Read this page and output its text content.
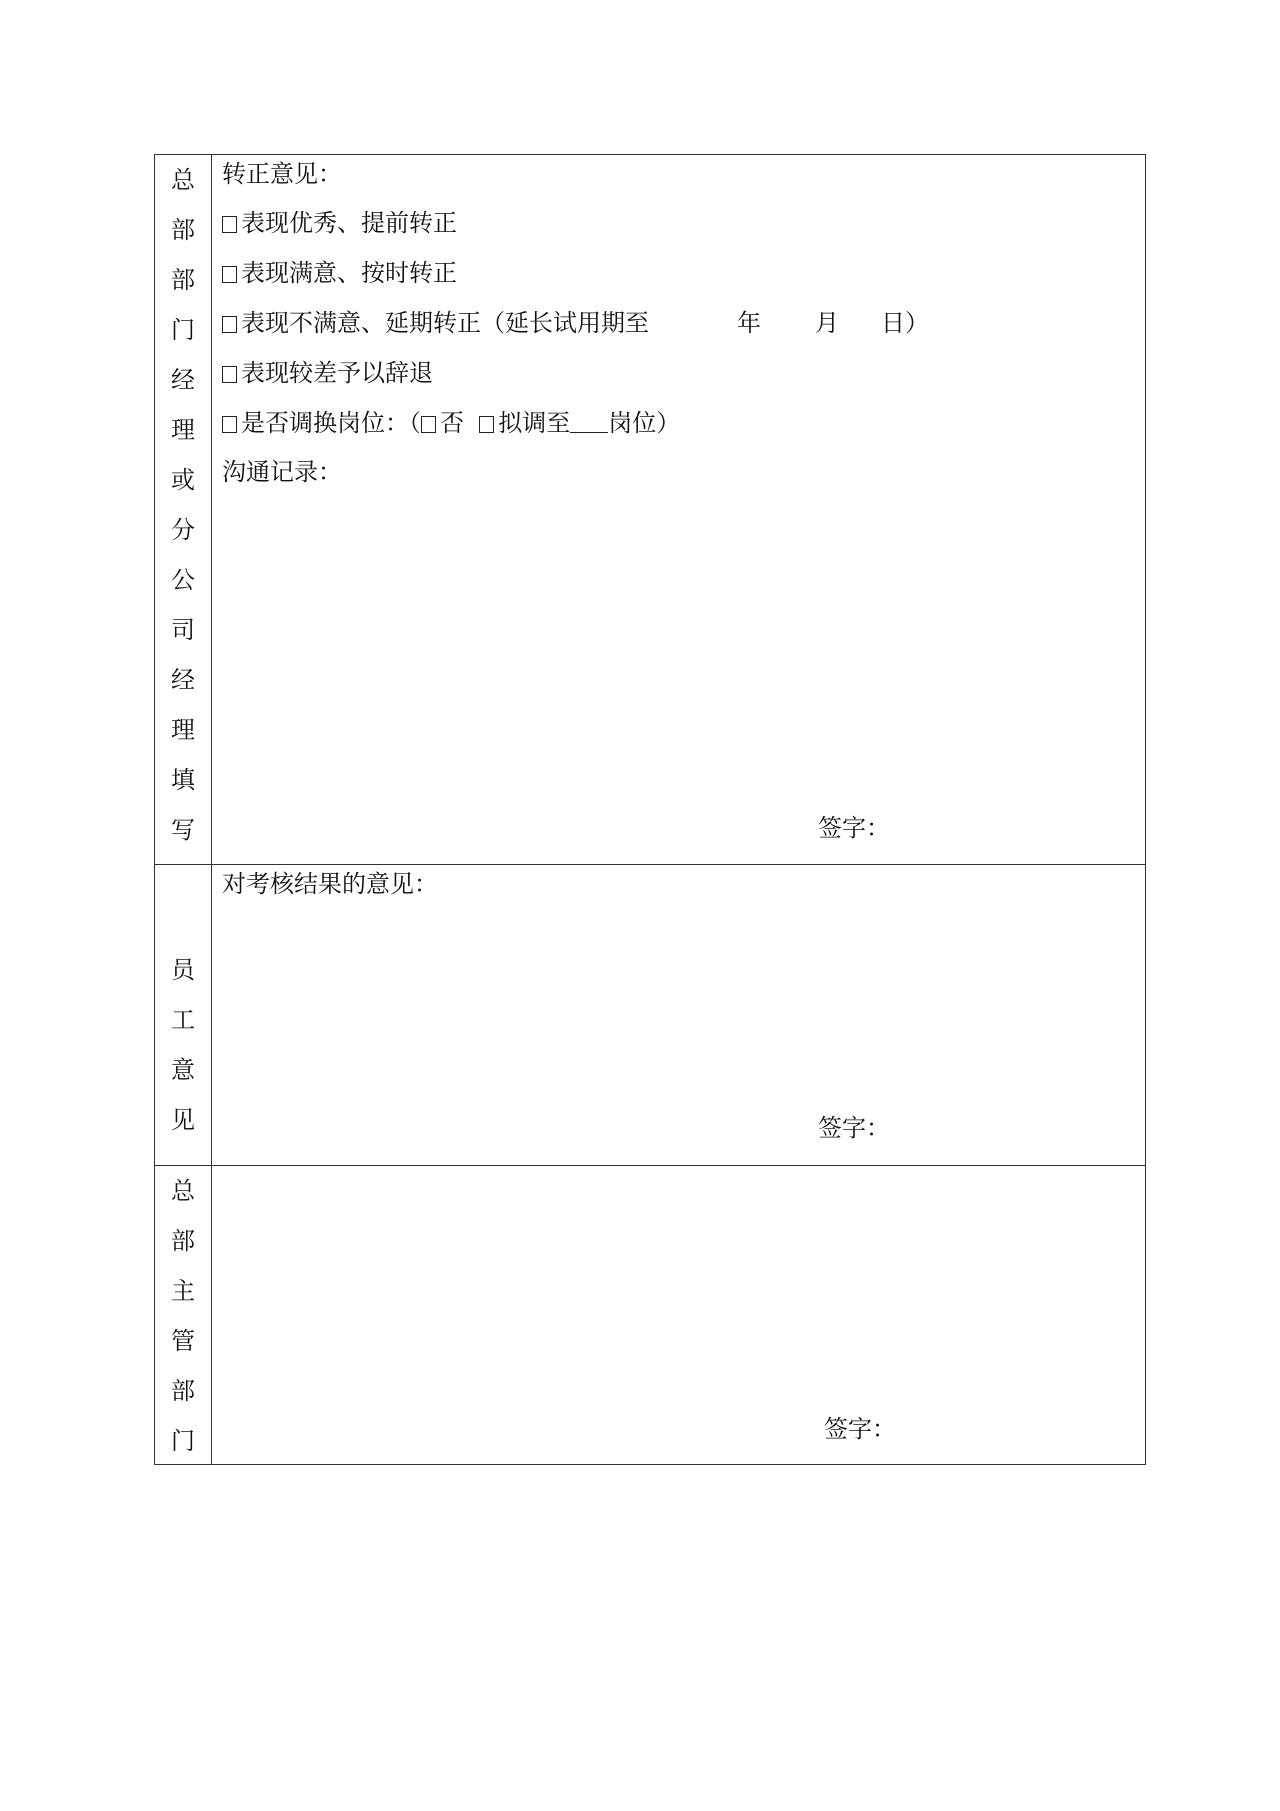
总
部
部
门
经
理
或
分
公
司
经
理
填
写
转正意见：
表现优秀、提前转正
表现满意、按时转正
表现不满意、延期转正（延长试用期至	年 月 日）
表现较差予以辞退
是否调换岗位：（ 否 拟调至 岗位）
沟通记录：
签字：
员
工
意
见
对考核结果的意见：
签字：
总
部
主
管
部
门	签字：
